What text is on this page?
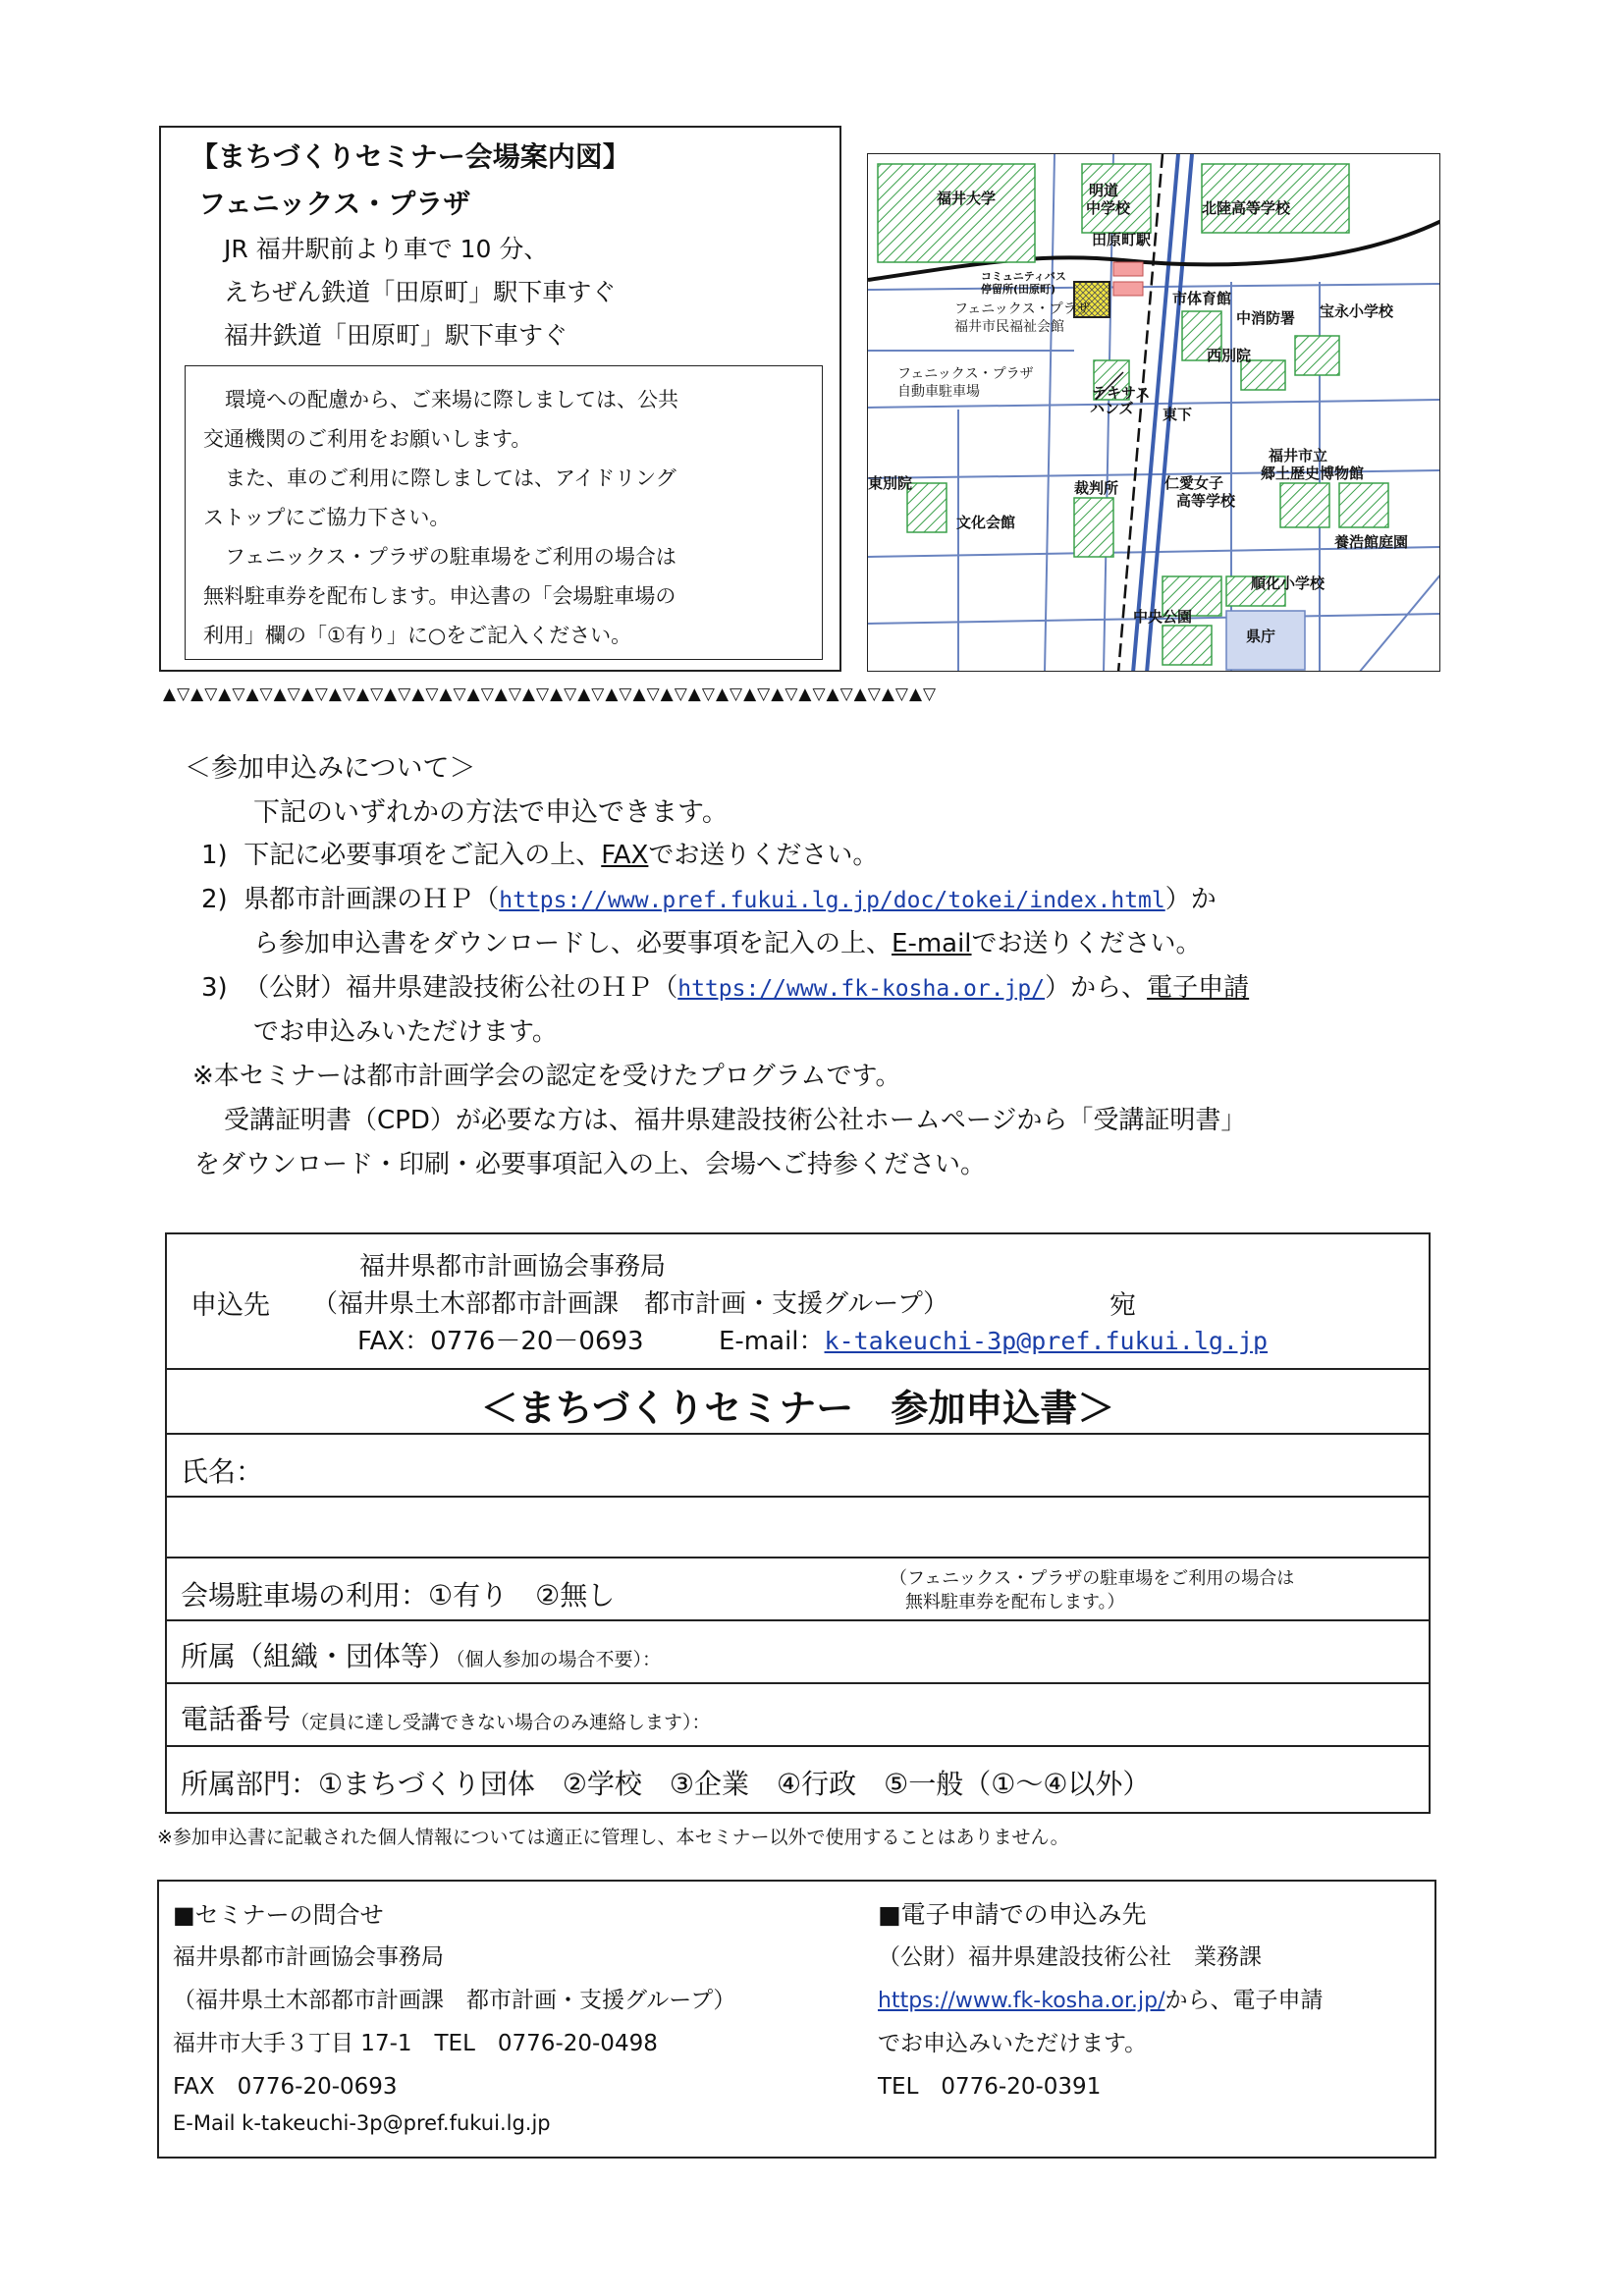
【まちづくりセミナー会場案内図】
フェニックス・プラザ
JR 福井駅前より車で 10 分、
えちぜん鉄道「田原町」駅下車すぐ
福井鉄道「田原町」駅下車すぐ
環境への配慮から、ご来場に際しましては、公共
交通機関のご利用をお願いします。
また、車のご利用に際しましては、アイドリング
ストップにご協力下さい。
フェニックス・プラザの駐車場をご利用の場合は
無料駐車券を配布します。申込書の「会場駐車場の
利用」欄の「①有り」に○をご記入ください。
福井大学	明道
中学校	北陸高等学校
田原町駅
コミュニティバス
停留所(田原町)
フェニックス・プラザ
福井市民福祉会館
市体育館
中消防署 宝永小学校
西別院
フェニックス・プラザ
自動車駐車場	テキサス
ハンズ 東下
福井市立
郷土歴史博物館
東別院	裁判所	仁愛女子
高等学校
文化会館
養浩館庭園
順化小学校
中央公園
県庁
▲▽▲▽▲▽▲▽▲▽▲▽▲▽▲▽▲▽▲▽▲▽▲▽▲▽▲▽▲▽▲▽▲▽▲▽▲▽▲▽▲▽▲▽▲▽▲▽▲▽▲▽▲▽▲▽
＜参加申込みについて＞
下記のいずれかの方法で申込できます。
1) 下記に必要事項をご記入の上、FAXでお送りください。
2) 県都市計画課のＨＰ（https://www.pref.fukui.lg.jp/doc/tokei/index.html）か
ら参加申込書をダウンロードし、必要事項を記入の上、E-mailでお送りください。
3) （公財）福井県建設技術公社のＨＰ（https://www.fk-kosha.or.jp/）から、電子申請
でお申込みいただけます。
※本セミナーは都市計画学会の認定を受けたプログラムです。
受講証明書（CPD）が必要な方は、福井県建設技術公社ホームページから「受講証明書」
をダウンロード・印刷・必要事項記入の上、会場へご持参ください。
申込先
福井県都市計画協会事務局
（福井県土木部都市計画課　都市計画・支援グループ）	宛
FAX：0776－20－0693	E-mail：k-takeuchi-3p@pref.fukui.lg.jp
＜まちづくりセミナー　参加申込書＞
氏名：
会場駐車場の利用：①有り　②無し
（フェニックス・プラザの駐車場をご利用の場合は
無料駐車券を配布します。）
所属（組織・団体等）（個人参加の場合不要）：
電話番号（定員に達し受講できない場合のみ連絡します）：
所属部門：①まちづくり団体　②学校　③企業　④行政　⑤一般（①～④以外）
※参加申込書に記載された個人情報については適正に管理し、本セミナー以外で使用することはありません。
■セミナーの問合せ
福井県都市計画協会事務局
（福井県土木部都市計画課　都市計画・支援グループ）
福井市大手３丁目 17-1　TEL　0776-20-0498
FAX　0776-20-0693
E-Mail k-takeuchi-3p@pref.fukui.lg.jp
■電子申請での申込み先
（公財）福井県建設技術公社　業務課
https://www.fk-kosha.or.jp/から、電子申請
でお申込みいただけます。
TEL　0776-20-0391
